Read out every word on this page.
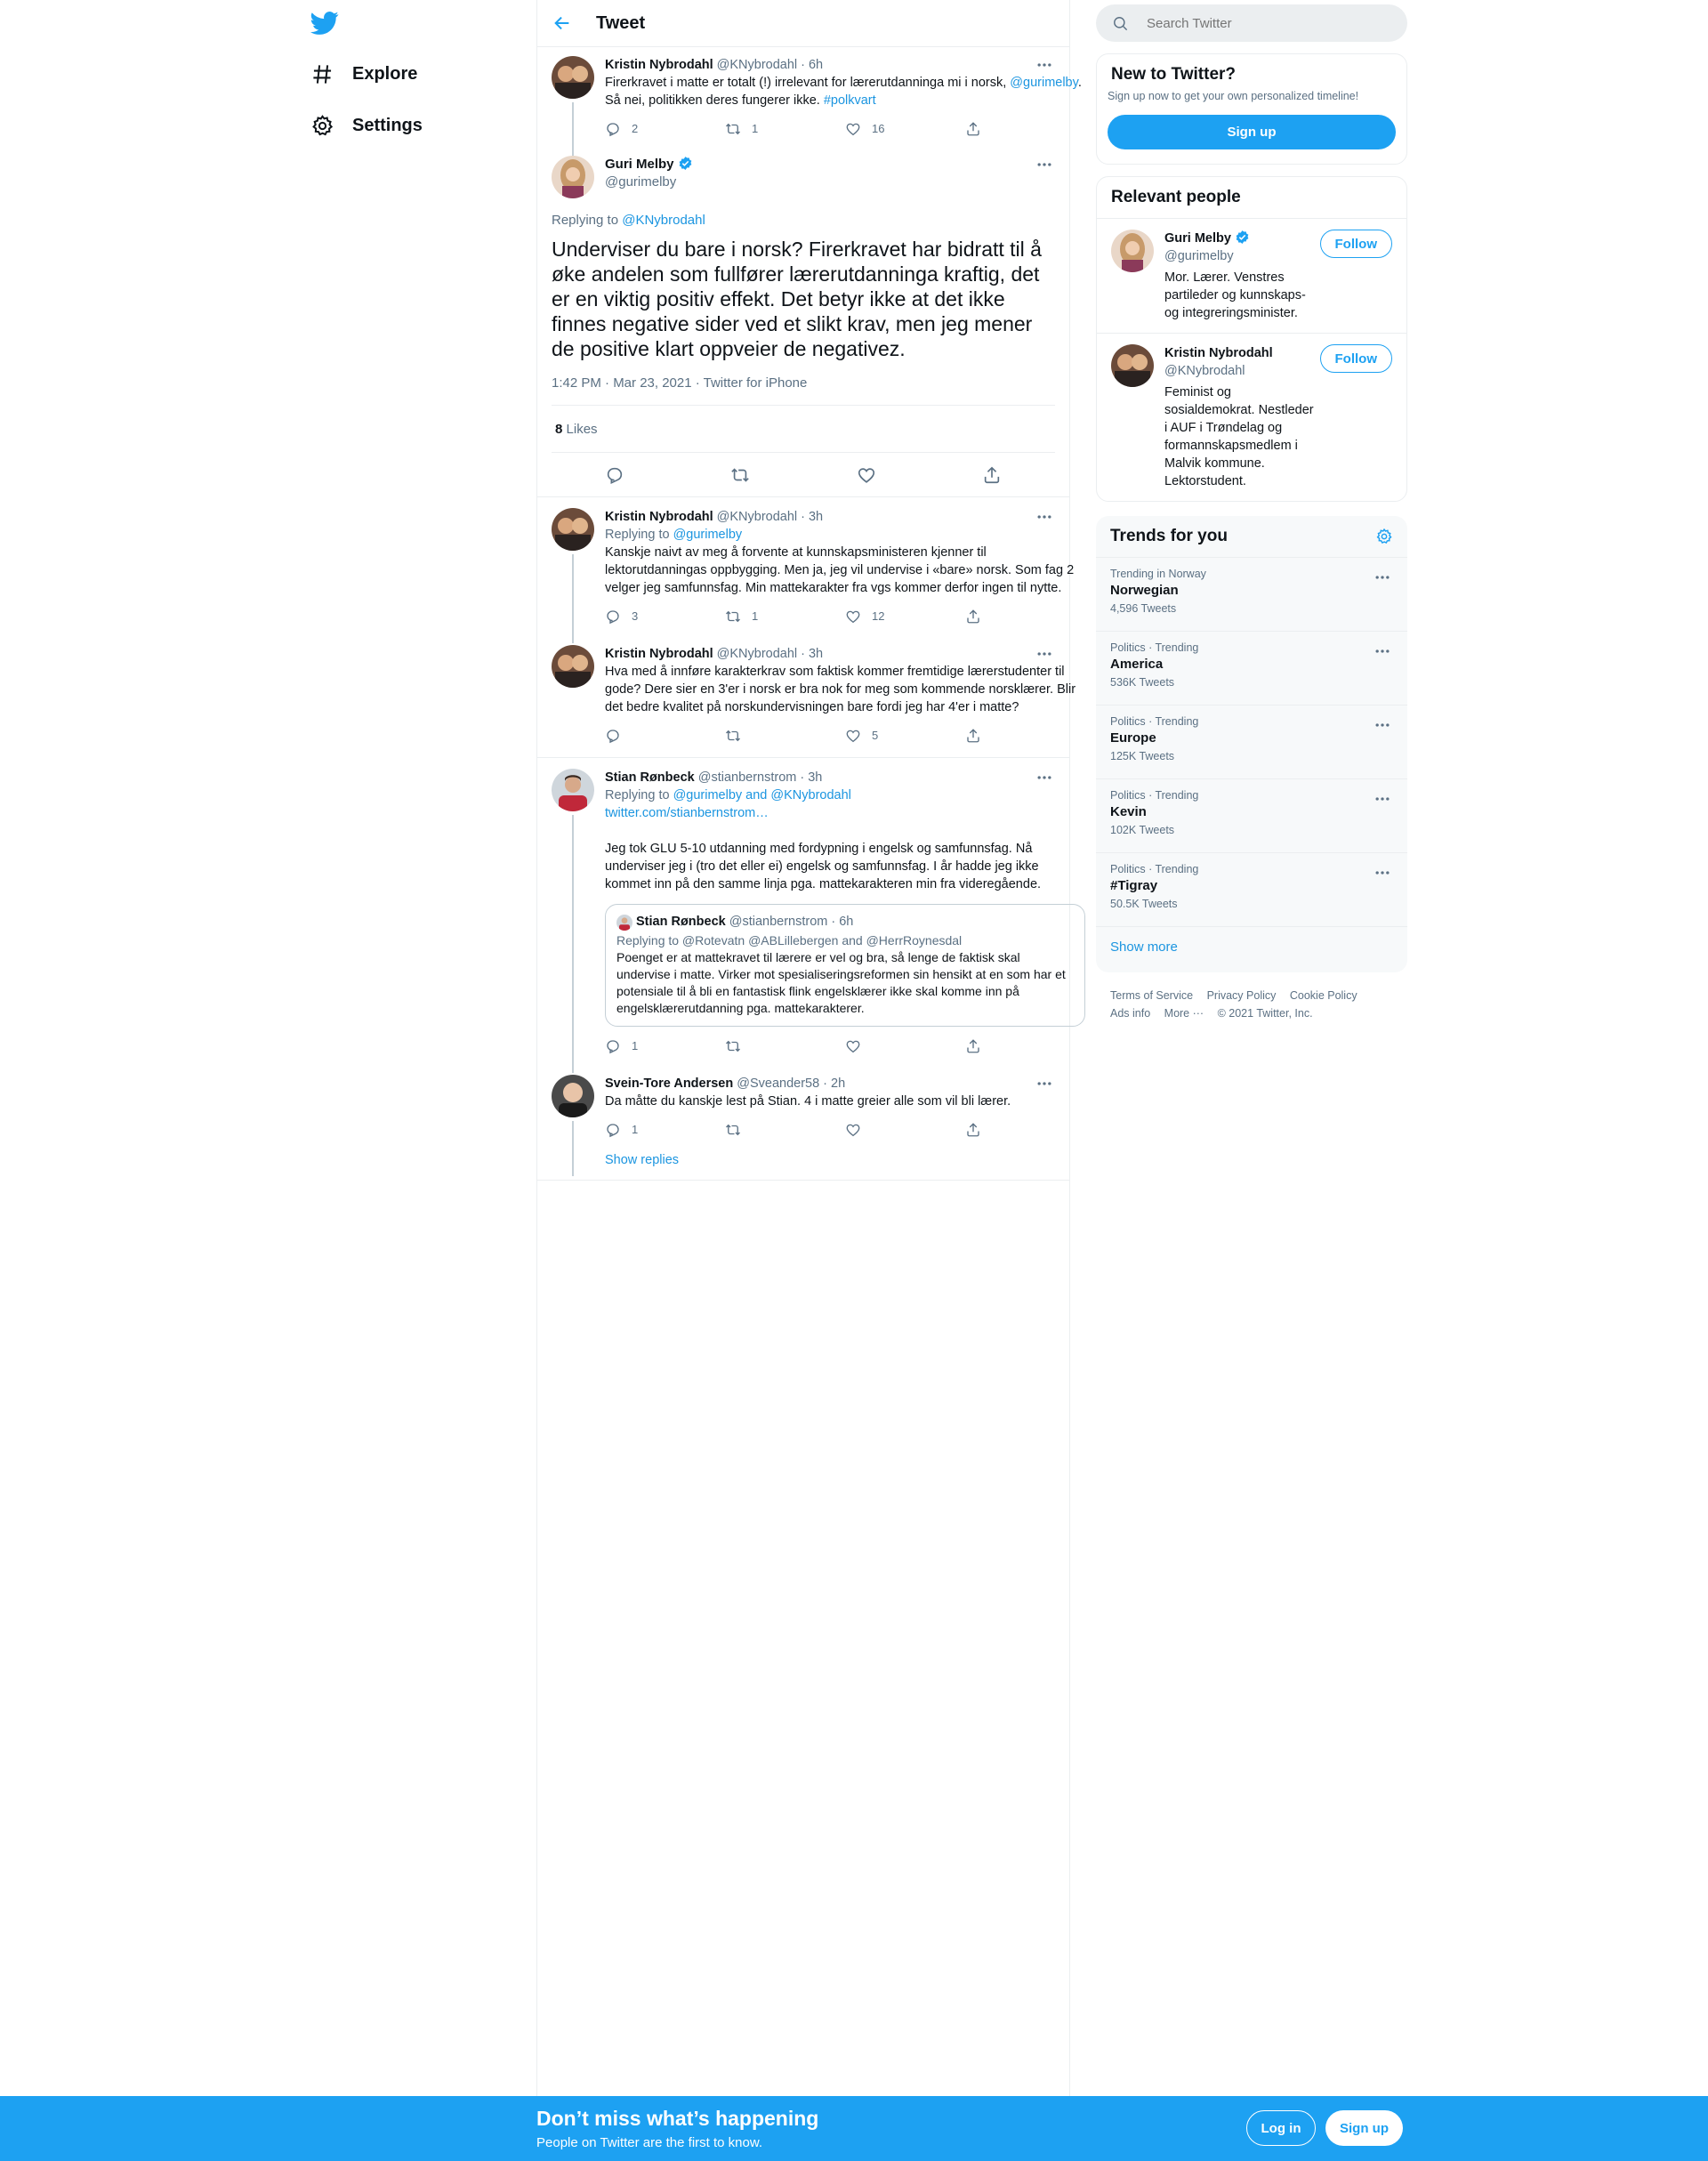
Explore
Settings
Tweet
Kristin Nybrodahl @KNybrodahl · 6h
Firerkravet i matte er totalt (!) irrelevant for lærerutdanninga mi i norsk, @gurimelby. Så nei, politikken deres fungerer ikke. #polkvart
2	1	16
Guri Melby
@gurimelby
Replying to @KNybrodahl
Underviser du bare i norsk? Firerkravet har bidratt til å øke andelen som fullfører lærerutdanninga kraftig, det er en viktig positiv effekt. Det betyr ikke at det ikke finnes negative sider ved et slikt krav, men jeg mener de positive klart oppveier de negativez.
1:42 PM · Mar 23, 2021 · Twitter for iPhone
8
Likes
Kristin Nybrodahl @KNybrodahl · 3h
Replying to @gurimelby
Kanskje naivt av meg å forvente at kunnskapsministeren kjenner til lektorutdanningas oppbygging. Men ja, jeg vil undervise i «bare» norsk. Som fag 2 velger jeg samfunnsfag. Min mattekarakter fra vgs kommer derfor ingen til nytte.
3	1	12
Kristin Nybrodahl @KNybrodahl · 3h
Hva med å innføre karakterkrav som faktisk kommer fremtidige lærerstudenter til gode? Dere sier en 3'er i norsk er bra nok for meg som kommende norsklærer. Blir det bedre kvalitet på norskundervisningen bare fordi jeg har 4'er i matte?
5
Stian Rønbeck @stianbernstrom · 3h
Replying to @gurimelby and @KNybrodahl
twitter.com/stianbernstrom…
Jeg tok GLU 5-10 utdanning med fordypning i engelsk og samfunnsfag. Nå underviser jeg i (tro det eller ei) engelsk og samfunnsfag. I år hadde jeg ikke kommet inn på den samme linja pga. mattekarakteren min fra videregående.
Stian Rønbeck @stianbernstrom · 6h
Replying to @Rotevatn @ABLillebergen and @HerrRoynesdal
Poenget er at mattekravet til lærere er vel og bra, så lenge de faktisk skal undervise i matte. Virker mot spesialiseringsreformen sin hensikt at en som har et potensiale til å bli en fantastisk flink engelsklærer ikke skal komme inn på engelsklærerutdanning pga. mattekarakterer.
1
Svein-Tore Andersen @Sveander58 · 2h
Da måtte du kanskje lest på Stian. 4 i matte greier alle som vil bli lærer.
1
Show replies
Search Twitter
New to Twitter?
Sign up now to get your own personalized timeline!
Sign up
Relevant people
Guri Melby
@gurimelby
Mor. Lærer. Venstres partileder og kunnskaps- og integreringsminister.
Follow
Kristin Nybrodahl
@KNybrodahl
Feminist og sosialdemokrat. Nestleder i AUF i Trøndelag og formannskapsmedlem i Malvik kommune. Lektorstudent.
Follow
Trends for you
Trending in Norway
Norwegian
4,596 Tweets
Politics · Trending
America
536K Tweets
Politics · Trending
Europe
125K Tweets
Politics · Trending
Kevin
102K Tweets
Politics · Trending
#Tigray
50.5K Tweets
Show more
Terms of Service Privacy Policy Cookie Policy
Ads info More ··· © 2021 Twitter, Inc.
Don’t miss what’s happening
People on Twitter are the first to know.
Log in	Sign up
